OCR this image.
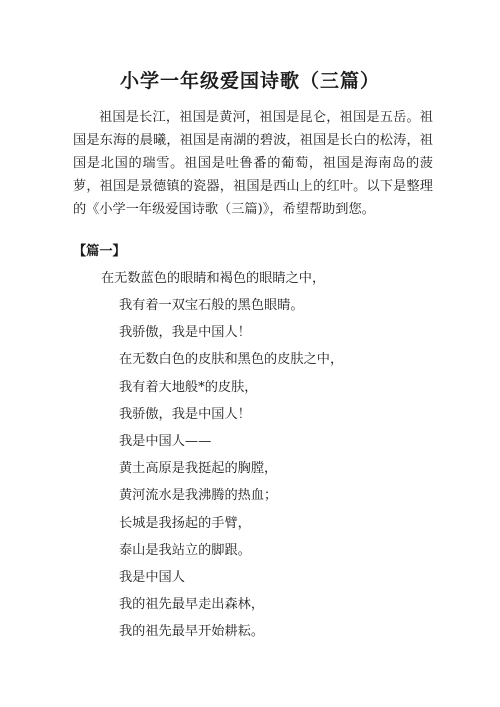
小学一年级爱国诗歌（三篇）

祖国是长江，祖国是黄河，祖国是昆仑，祖国是五岳。祖国是东海的晨曦，祖国是南湖的碧波，祖国是长白的松涛，祖国是北国的瑞雪。祖国是吐鲁番的葡萄，祖国是海南岛的菠萝，祖国是景德镇的瓷器，祖国是西山上的红叶。以下是整理的《小学一年级爱国诗歌（三篇)》，希望帮助到您。

【篇一】

在无数蓝色的眼睛和褐色的眼睛之中，

我有着一双宝石般的黑色眼睛。
我骄傲，我是中国人！
在无数白色的皮肤和黑色的皮肤之中，
我有着大地般*的皮肤，
我骄傲，我是中国人！
我是中国人——
黄土高原是我挺起的胸膛，
黄河流水是我沸腾的热血；
长城是我扬起的手臂，
泰山是我站立的脚跟。
我是中国人
我的祖先最早走出森林，
我的祖先最早开始耕耘。
